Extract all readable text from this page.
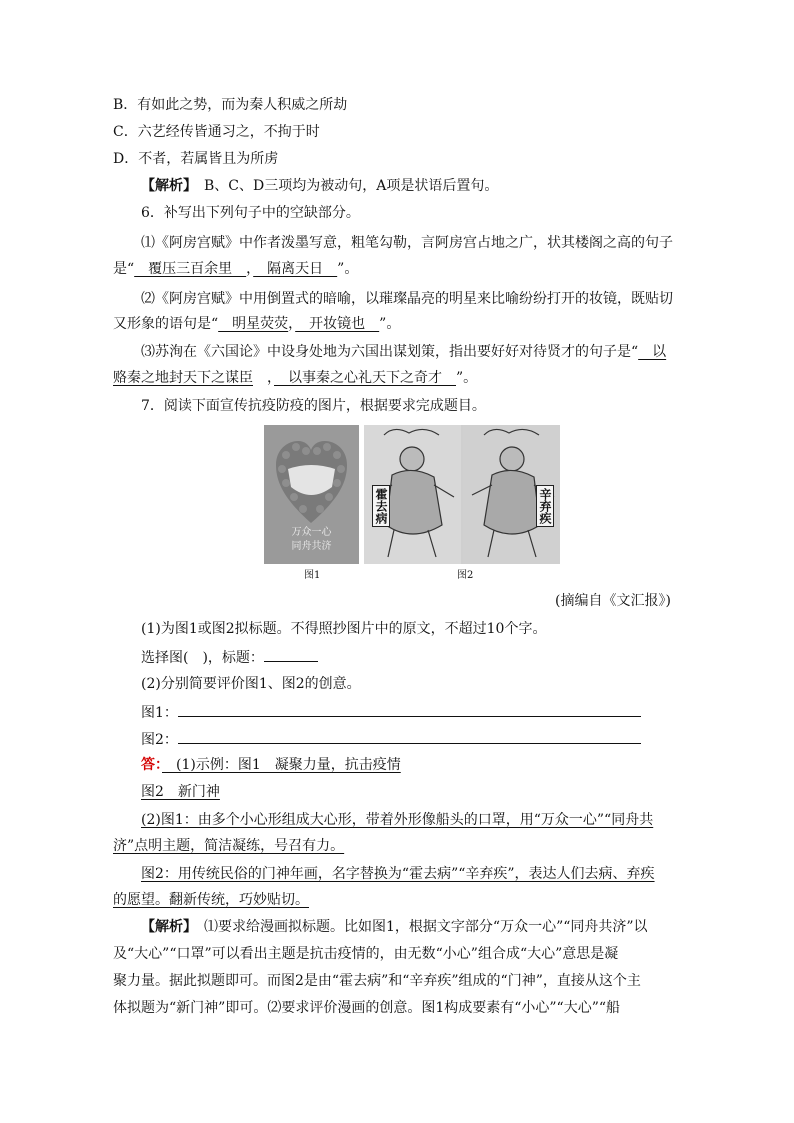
B．有如此之势，而为秦人积威之所劫
C．六艺经传皆通习之，不拘于时
D．不者，若属皆且为所虏
【解析】　B、C、D三项均为被动句，A项是状语后置句。
6．补写出下列句子中的空缺部分。
⑴《阿房宫赋》中作者泼墨写意，粗笔勾勒，言阿房宫占地之广，状其楼阁之高的句子
是“　覆压三百余里　，　隔离天日　”。
⑵《阿房宫赋》中用倒置式的暗喻，以璀璨晶亮的明星来比喻纷纷打开的妆镜，既贴切
又形象的语句是“　明星荧荧，　开妆镜也　”。
⑶苏洵在《六国论》中设身处地为六国出谋划策，指出要好好对待贤才的句子是“　以
赂秦之地封天下之谋臣　，　以事秦之心礼天下之奇才　”。
7．阅读下面宣传抗疫防疫的图片，根据要求完成题目。
万众一心
同舟共济
霍去病	辛弃疾
图1	图2
(摘编自《文汇报》)
(1)为图1或图2拟标题。不得照抄图片中的原文，不超过10个字。
选择图(　)，标题：
(2)分别简要评价图1、图2的创意。
图1：
图2：
答：　(1)示例：图1　凝聚力量，抗击疫情
图2　新门神
(2)图1：由多个小心形组成大心形，带着外形像船头的口罩，用“万众一心”“同舟共
济”点明主题，简洁凝练，号召有力。
图2：用传统民俗的门神年画，名字替换为“霍去病”“辛弃疾”，表达人们去病、弃疾
的愿望。翻新传统，巧妙贴切。
【解析】　⑴要求给漫画拟标题。比如图1，根据文字部分“万众一心”“同舟共济”以
及“大心”“口罩”可以看出主题是抗击疫情的，由无数“小心”组合成“大心”意思是凝
聚力量。据此拟题即可。而图2是由“霍去病”和“辛弃疾”组成的“门神”，直接从这个主
体拟题为“新门神”即可。⑵要求评价漫画的创意。图1构成要素有“小心”“大心”“船
